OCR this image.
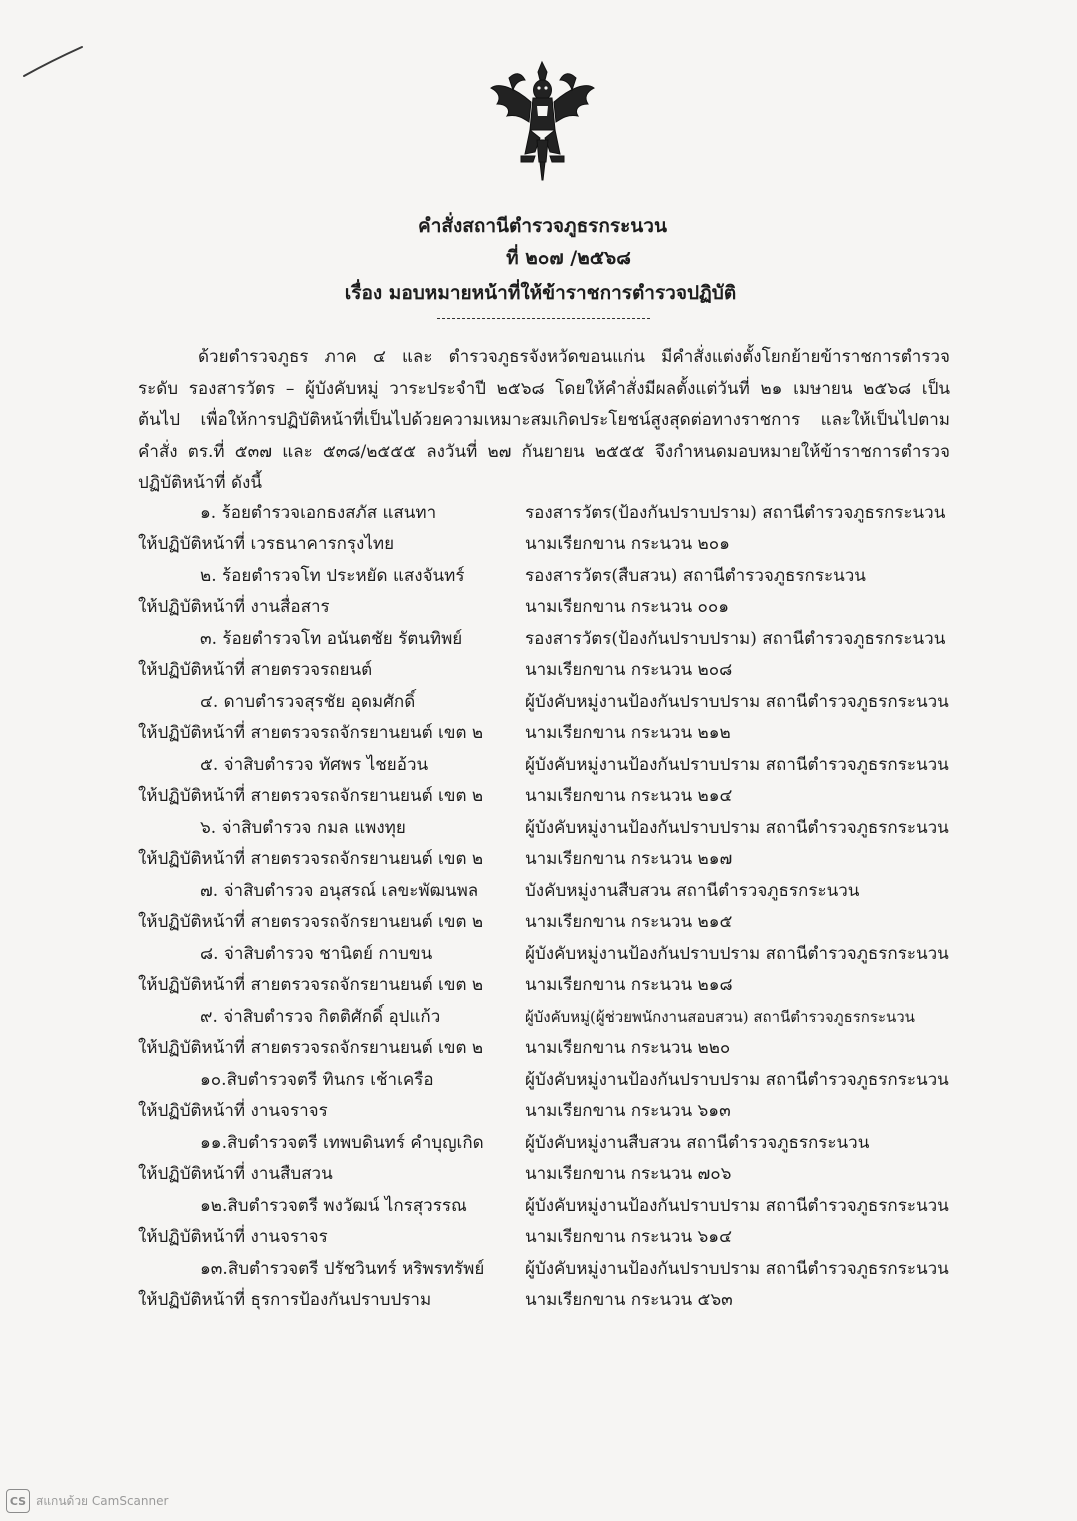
คำสั่งสถานีตำรวจภูธรกระนวน
ที่ ๒๐๗ /๒๕๖๘
เรื่อง มอบหมายหน้าที่ให้ข้าราชการตำรวจปฏิบัติ
ด้วยตำรวจภูธร ภาค ๔ และ ตำรวจภูธรจังหวัดขอนแก่น มีคำสั่งแต่งตั้งโยกย้ายข้าราชการตำรวจ
ระดับ รองสารวัตร – ผู้บังคับหมู่ วาระประจำปี ๒๕๖๘ โดยให้คำสั่งมีผลตั้งแต่วันที่ ๒๑ เมษายน ๒๕๖๘ เป็น
ต้นไป เพื่อให้การปฏิบัติหน้าที่เป็นไปด้วยความเหมาะสมเกิดประโยชน์สูงสุดต่อทางราชการ และให้เป็นไปตาม
คำสั่ง ตร.ที่ ๕๓๗ และ ๕๓๘/๒๕๕๕ ลงวันที่ ๒๗ กันยายน ๒๕๕๕ จึงกำหนดมอบหมายให้ข้าราชการตำรวจ
ปฏิบัติหน้าที่ ดังนี้
๑. ร้อยตำรวจเอกธงสภัส แสนทา
ให้ปฏิบัติหน้าที่ เวรธนาคารกรุงไทย
รองสารวัตร(ป้องกันปราบปราม) สถานีตำรวจภูธรกระนวน
นามเรียกขาน กระนวน ๒๐๑
๒. ร้อยตำรวจโท ประหยัด แสงจันทร์
ให้ปฏิบัติหน้าที่ งานสื่อสาร
รองสารวัตร(สืบสวน) สถานีตำรวจภูธรกระนวน
นามเรียกขาน กระนวน ๐๐๑
๓. ร้อยตำรวจโท อนันตชัย รัตนทิพย์
ให้ปฏิบัติหน้าที่ สายตรวจรถยนต์
รองสารวัตร(ป้องกันปราบปราม) สถานีตำรวจภูธรกระนวน
นามเรียกขาน กระนวน ๒๐๘
๔. ดาบตำรวจสุรชัย อุดมศักดิ์
ให้ปฏิบัติหน้าที่ สายตรวจรถจักรยานยนต์ เขต ๒
ผู้บังคับหมู่งานป้องกันปราบปราม สถานีตำรวจภูธรกระนวน
นามเรียกขาน กระนวน ๒๑๒
๕. จ่าสิบตำรวจ ทัศพร ไชยอ้วน
ให้ปฏิบัติหน้าที่ สายตรวจรถจักรยานยนต์ เขต ๒
ผู้บังคับหมู่งานป้องกันปราบปราม สถานีตำรวจภูธรกระนวน
นามเรียกขาน กระนวน ๒๑๔
๖. จ่าสิบตำรวจ กมล แพงทุย
ให้ปฏิบัติหน้าที่ สายตรวจรถจักรยานยนต์ เขต ๒
ผู้บังคับหมู่งานป้องกันปราบปราม สถานีตำรวจภูธรกระนวน
นามเรียกขาน กระนวน ๒๑๗
๗. จ่าสิบตำรวจ อนุสรณ์ เลขะพัฒนพล
ให้ปฏิบัติหน้าที่ สายตรวจรถจักรยานยนต์ เขต ๒
บังคับหมู่งานสืบสวน สถานีตำรวจภูธรกระนวน
นามเรียกขาน กระนวน ๒๑๕
๘. จ่าสิบตำรวจ ชานิตย์ กาบขน
ให้ปฏิบัติหน้าที่ สายตรวจรถจักรยานยนต์ เขต ๒
ผู้บังคับหมู่งานป้องกันปราบปราม สถานีตำรวจภูธรกระนวน
นามเรียกขาน กระนวน ๒๑๘
๙. จ่าสิบตำรวจ กิตติศักดิ์ อุปแก้ว
ให้ปฏิบัติหน้าที่ สายตรวจรถจักรยานยนต์ เขต ๒
ผู้บังคับหมู่(ผู้ช่วยพนักงานสอบสวน) สถานีตำรวจภูธรกระนวน
นามเรียกขาน กระนวน ๒๒๐
๑๐.สิบตำรวจตรี ทินกร เช้าเครือ
ให้ปฏิบัติหน้าที่ งานจราจร
ผู้บังคับหมู่งานป้องกันปราบปราม สถานีตำรวจภูธรกระนวน
นามเรียกขาน กระนวน ๖๑๓
๑๑.สิบตำรวจตรี เทพบดินทร์ คำบุญเกิด
ให้ปฏิบัติหน้าที่ งานสืบสวน
ผู้บังคับหมู่งานสืบสวน สถานีตำรวจภูธรกระนวน
นามเรียกขาน กระนวน ๗๐๖
๑๒.สิบตำรวจตรี พงวัฒน์ ไกรสุวรรณ
ให้ปฏิบัติหน้าที่ งานจราจร
ผู้บังคับหมู่งานป้องกันปราบปราม สถานีตำรวจภูธรกระนวน
นามเรียกขาน กระนวน ๖๑๔
๑๓.สิบตำรวจตรี ปรัชวินทร์ หริพรทรัพย์
ให้ปฏิบัติหน้าที่ ธุรการป้องกันปราบปราม
ผู้บังคับหมู่งานป้องกันปราบปราม สถานีตำรวจภูธรกระนวน
นามเรียกขาน กระนวน ๕๖๓
CS สแกนด้วย CamScanner
